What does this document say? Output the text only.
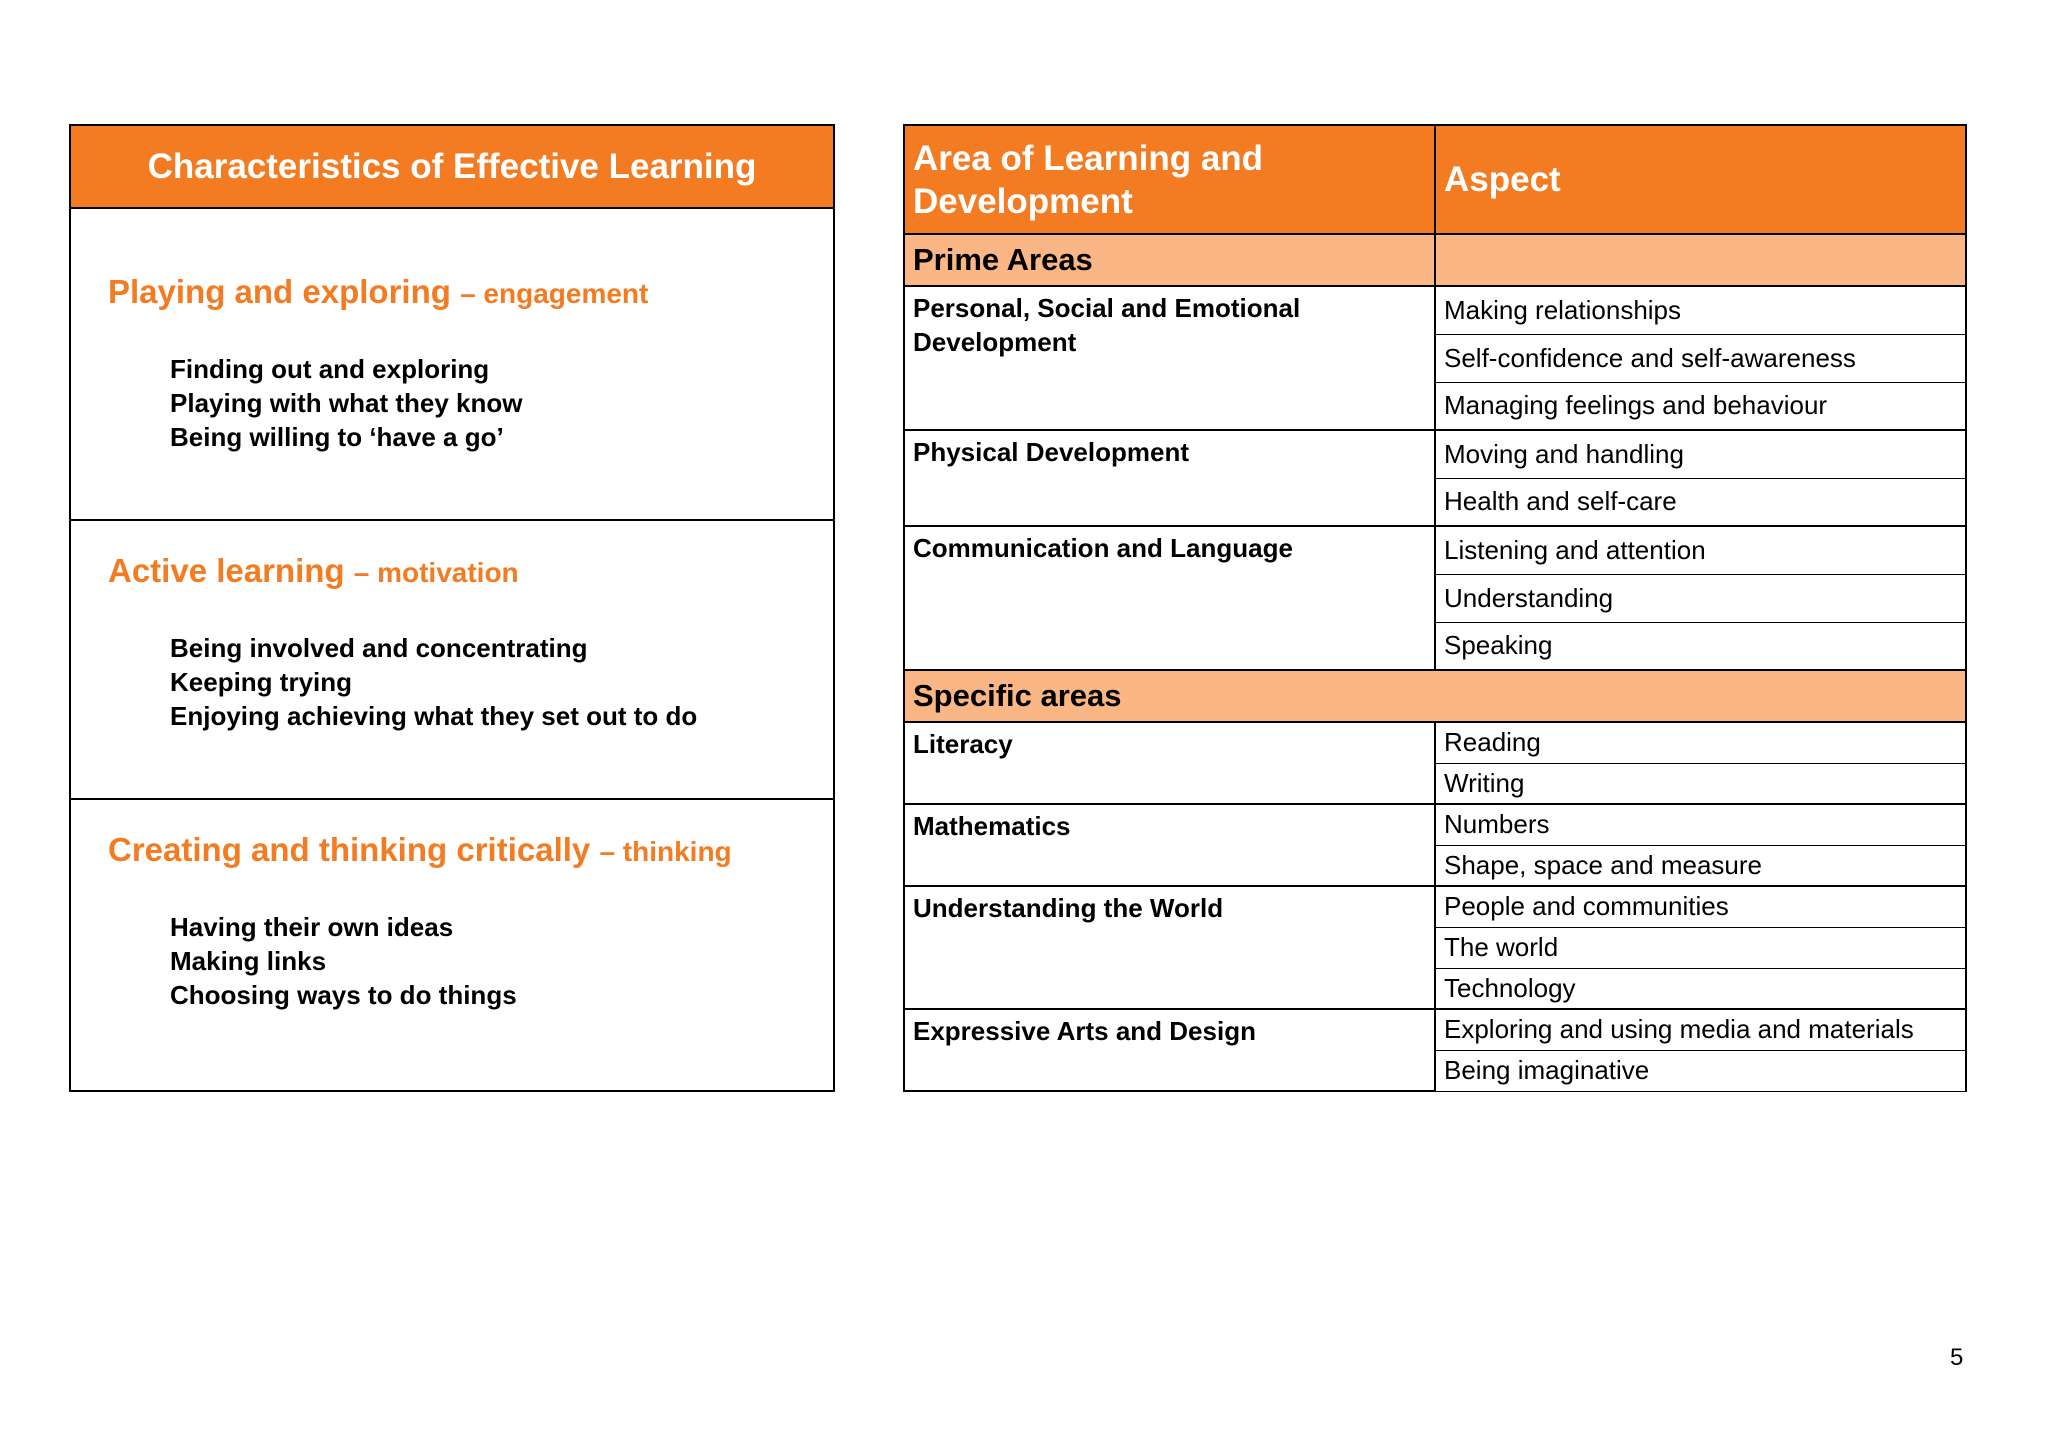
Characteristics of Effective Learning
Playing and exploring – engagement
Finding out and exploring
Playing with what they know
Being willing to ‘have a go’
Active learning – motivation
Being involved and concentrating
Keeping trying
Enjoying achieving what they set out to do
Creating and thinking critically – thinking
Having their own ideas
Making links
Choosing ways to do things
Area of Learning and Development	Aspect
Prime Areas	
Personal, Social and Emotional Development	Making relationships
	Self-confidence and self-awareness
	Managing feelings and behaviour
Physical Development	Moving and handling
	Health and self-care
Communication and Language	Listening and attention
	Understanding
	Speaking
Specific areas	
Literacy	Reading
	Writing
Mathematics	Numbers
	Shape, space and measure
Understanding the World	People and communities
	The world
	Technology
Expressive Arts and Design	Exploring and using media and materials
	Being imaginative
5
